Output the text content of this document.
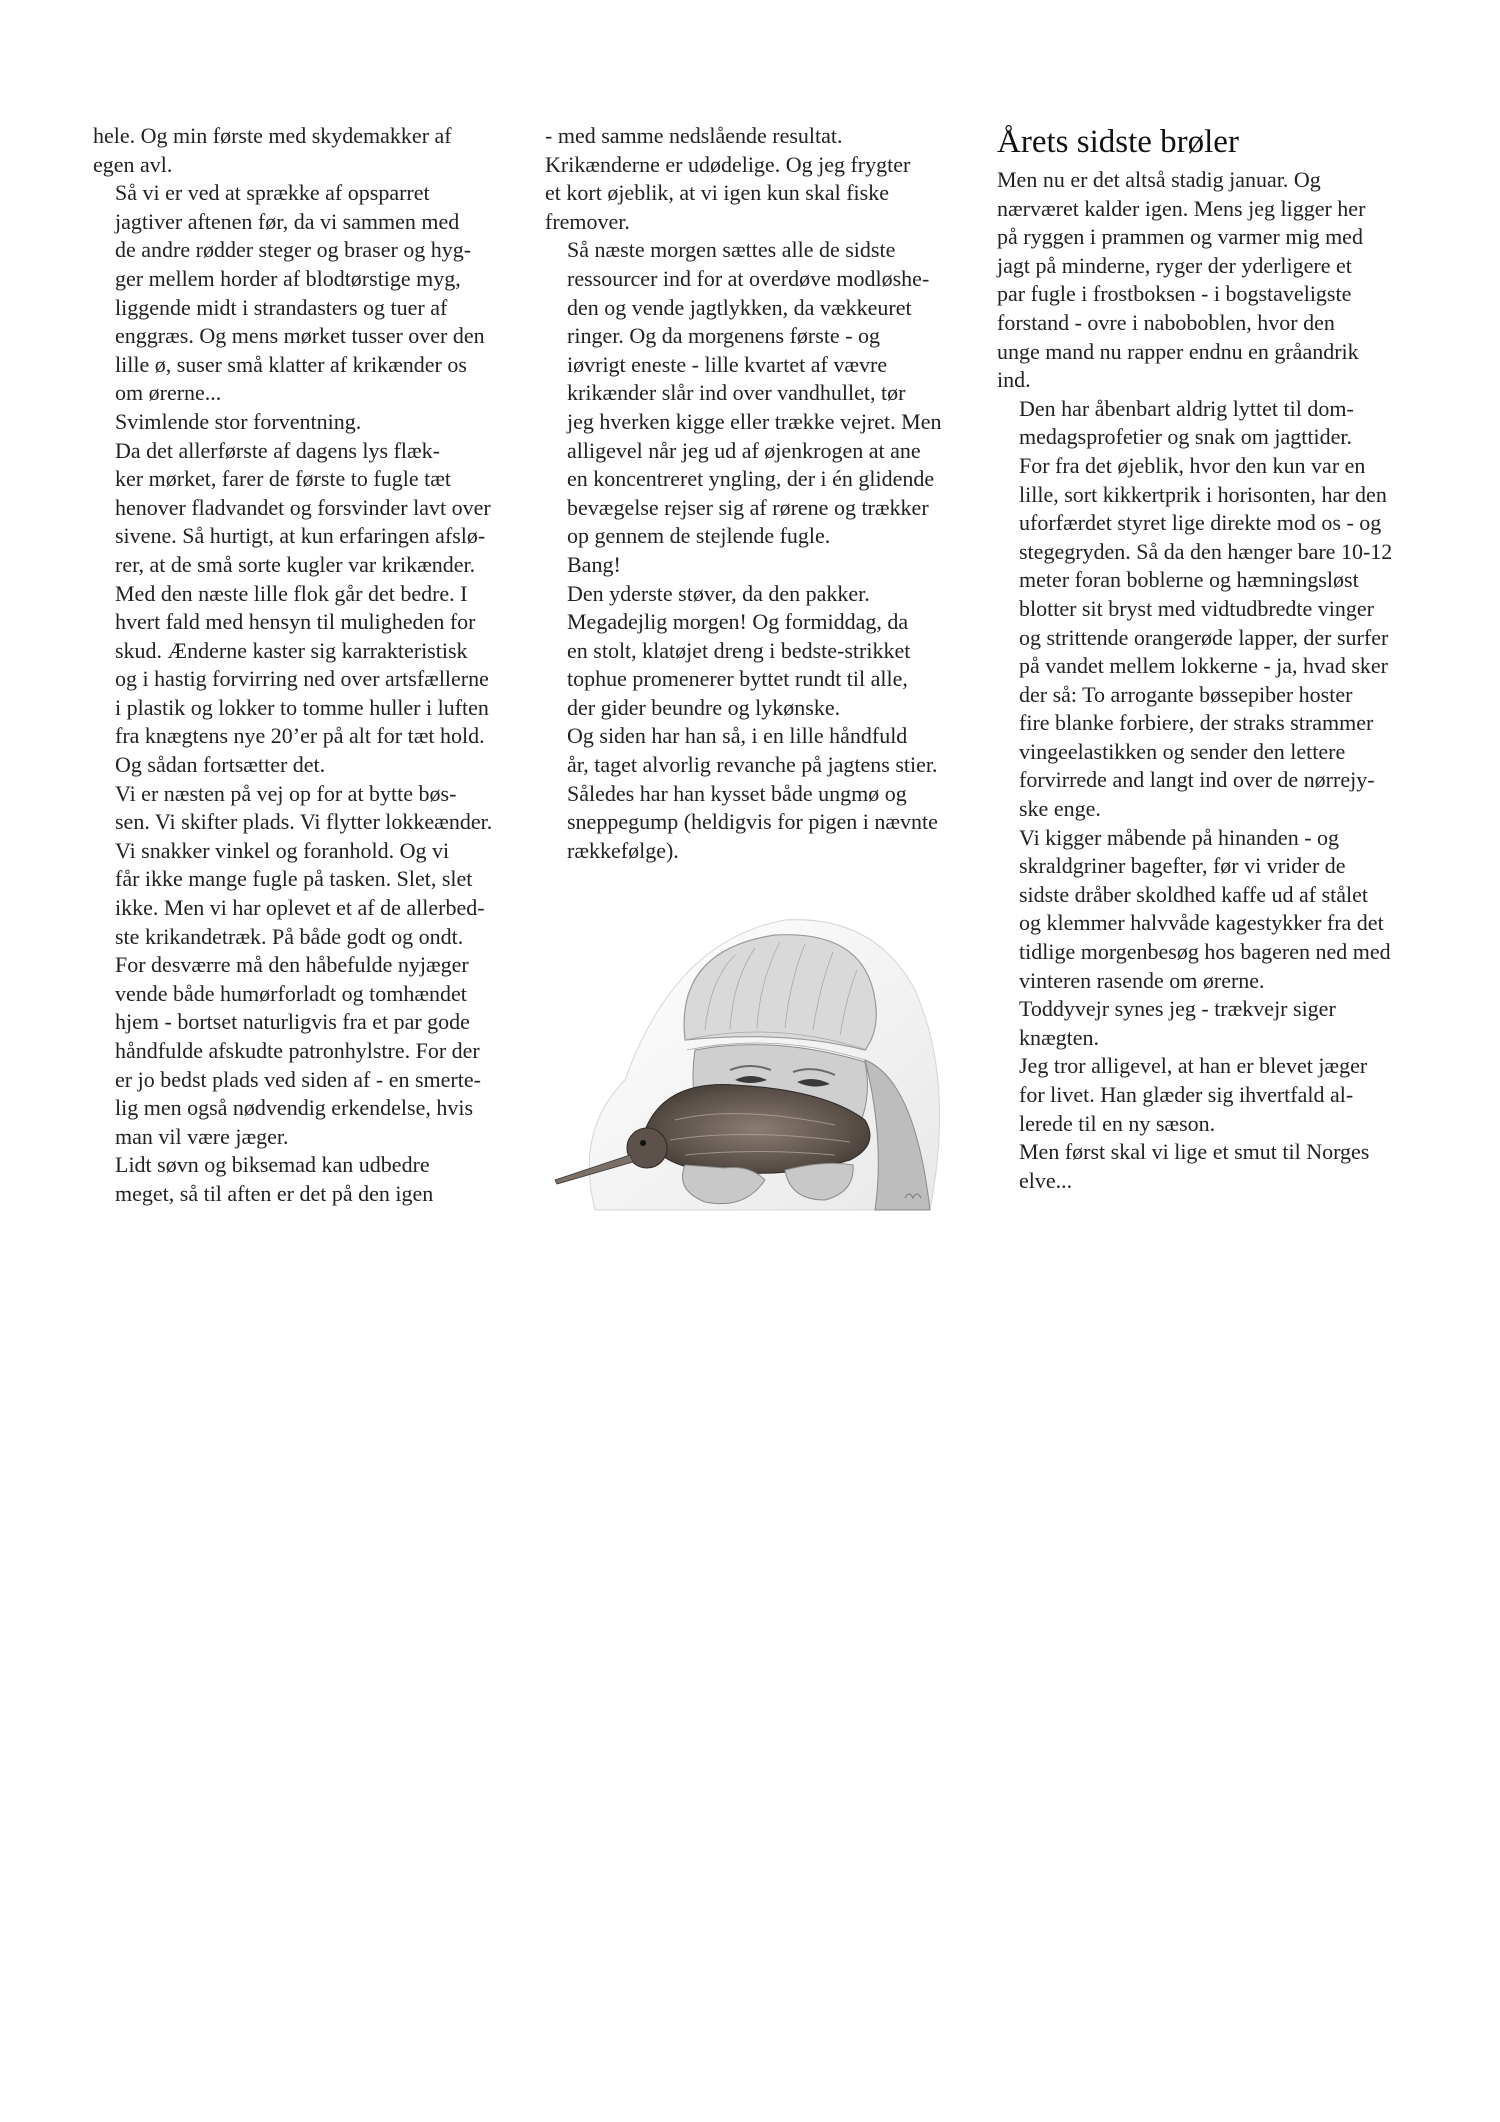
hele. Og min første med skydemakker af
egen avl.

Så vi er ved at sprække af opsparret
jagtiver aftenen før, da vi sammen med
de andre rødder steger og braser og hyg-
ger mellem horder af blodtørstige myg,
liggende midt i strandasters og tuer af
enggræs. Og mens mørket tusser over den
lille ø, suser små klatter af krikænder os
om ørerne...

Svimlende stor forventning.

Da det allerførste af dagens lys flæk-
ker mørket, farer de første to fugle tæt
henover fladvandet og forsvinder lavt over
sivene. Så hurtigt, at kun erfaringen afslø-
rer, at de små sorte kugler var krikænder.

Med den næste lille flok går det bedre. I
hvert fald med hensyn til muligheden for
skud. Ænderne kaster sig karrakteristisk
og i hastig forvirring ned over artsfællerne
i plastik og lokker to tomme huller i luften
fra knægtens nye 20’er på alt for tæt hold.

Og sådan fortsætter det.

Vi er næsten på vej op for at bytte bøs-
sen. Vi skifter plads. Vi flytter lokkeænder.
Vi snakker vinkel og foranhold. Og vi
får ikke mange fugle på tasken. Slet, slet
ikke. Men vi har oplevet et af de allerbed-
ste krikandetræk. På både godt og ondt.
For desværre må den håbefulde nyjæger
vende både humørforladt og tomhændet
hjem - bortset naturligvis fra et par gode
håndfulde afskudte patronhylstre. For der
er jo bedst plads ved siden af - en smerte-
lig men også nødvendig erkendelse, hvis
man vil være jæger.

Lidt søvn og biksemad kan udbedre
meget, så til aften er det på den igen

- med samme nedslående resultat.
Krikænderne er udødelige. Og jeg frygter
et kort øjeblik, at vi igen kun skal fiske
fremover.

Så næste morgen sættes alle de sidste
ressourcer ind for at overdøve modløshe-
den og vende jagtlykken, da vækkeuret
ringer. Og da morgenens første - og
iøvrigt eneste - lille kvartet af vævre
krikænder slår ind over vandhullet, tør
jeg hverken kigge eller trække vejret. Men
alligevel når jeg ud af øjenkrogen at ane
en koncentreret yngling, der i én glidende
bevægelse rejser sig af rørene og trækker
op gennem de stejlende fugle.

Bang!

Den yderste støver, da den pakker.

Megadejlig morgen! Og formiddag, da
en stolt, klatøjet dreng i bedste-strikket
tophue promenerer byttet rundt til alle,
der gider beundre og lykønske.

Og siden har han så, i en lille håndfuld
år, taget alvorlig revanche på jagtens stier.

Således har han kysset både ungmø og
sneppegump (heldigvis for pigen i nævnte
rækkefølge).

Årets sidste brøler

Men nu er det altså stadig januar. Og
nærværet kalder igen. Mens jeg ligger her
på ryggen i prammen og varmer mig med
jagt på minderne, ryger der yderligere et
par fugle i frostboksen - i bogstaveligste
forstand - ovre i naboboblen, hvor den
unge mand nu rapper endnu en gråandrik
ind.

Den har åbenbart aldrig lyttet til dom-
medagsprofetier og snak om jagttider.
For fra det øjeblik, hvor den kun var en
lille, sort kikkertprik i horisonten, har den
uforfærdet styret lige direkte mod os - og
stegegryden. Så da den hænger bare 10-12
meter foran boblerne og hæmningsløst
blotter sit bryst med vidtudbredte vinger
og strittende orangerøde lapper, der surfer
på vandet mellem lokkerne - ja, hvad sker
der så: To arrogante bøssepiber hoster
fire blanke forbiere, der straks strammer
vingeelastikken og sender den lettere
forvirrede and langt ind over de nørrejy-
ske enge.

Vi kigger måbende på hinanden - og
skraldgriner bagefter, før vi vrider de
sidste dråber skoldhed kaffe ud af stålet
og klemmer halvvåde kagestykker fra det
tidlige morgenbesøg hos bageren ned med
vinteren rasende om ørerne.

Toddyvejr synes jeg - trækvejr siger
knægten.

Jeg tror alligevel, at han er blevet jæger
for livet. Han glæder sig ihvertfald al-
lerede til en ny sæson.

Men først skal vi lige et smut til Norges
elve...
